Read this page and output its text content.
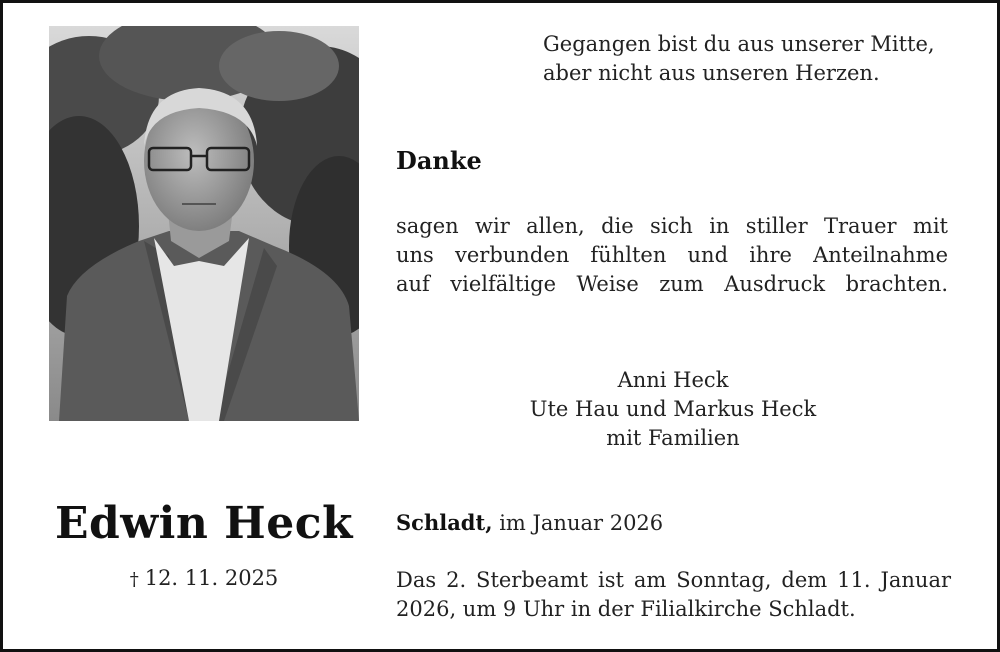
Gegangen bist du aus unserer Mitte,
aber nicht aus unseren Herzen.
Danke
sagen wir allen, die sich in stiller Trauer mit
uns verbunden fühlten und ihre Anteilnahme
auf vielfältige Weise zum Ausdruck brachten.
Anni Heck
Ute Hau und Markus Heck
mit Familien
Edwin Heck
† 12. 11. 2025
Schladt, im Januar 2026
Das 2. Sterbeamt ist am Sonntag, dem 11. Januar
2026, um 9 Uhr in der Filialkirche Schladt.
